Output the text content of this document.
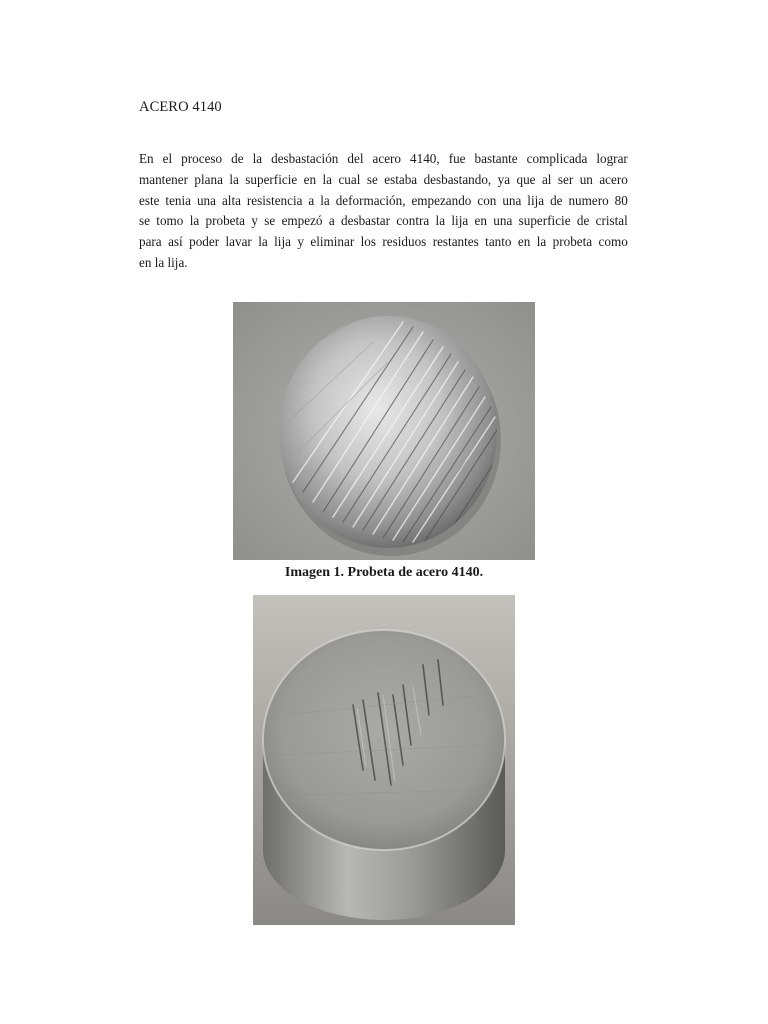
ACERO 4140
En el proceso de la desbastación del acero 4140, fue bastante complicada lograr
mantener plana la superficie en la cual se estaba desbastando, ya que al ser un acero
este tenia una alta resistencia a la deformación, empezando con una lija de numero 80
se tomo la probeta y se empezó a desbastar contra la lija en una superficie de cristal
para así poder lavar la lija y eliminar los residuos restantes tanto en la probeta como
en la lija.
Imagen 1. Probeta de acero 4140.
